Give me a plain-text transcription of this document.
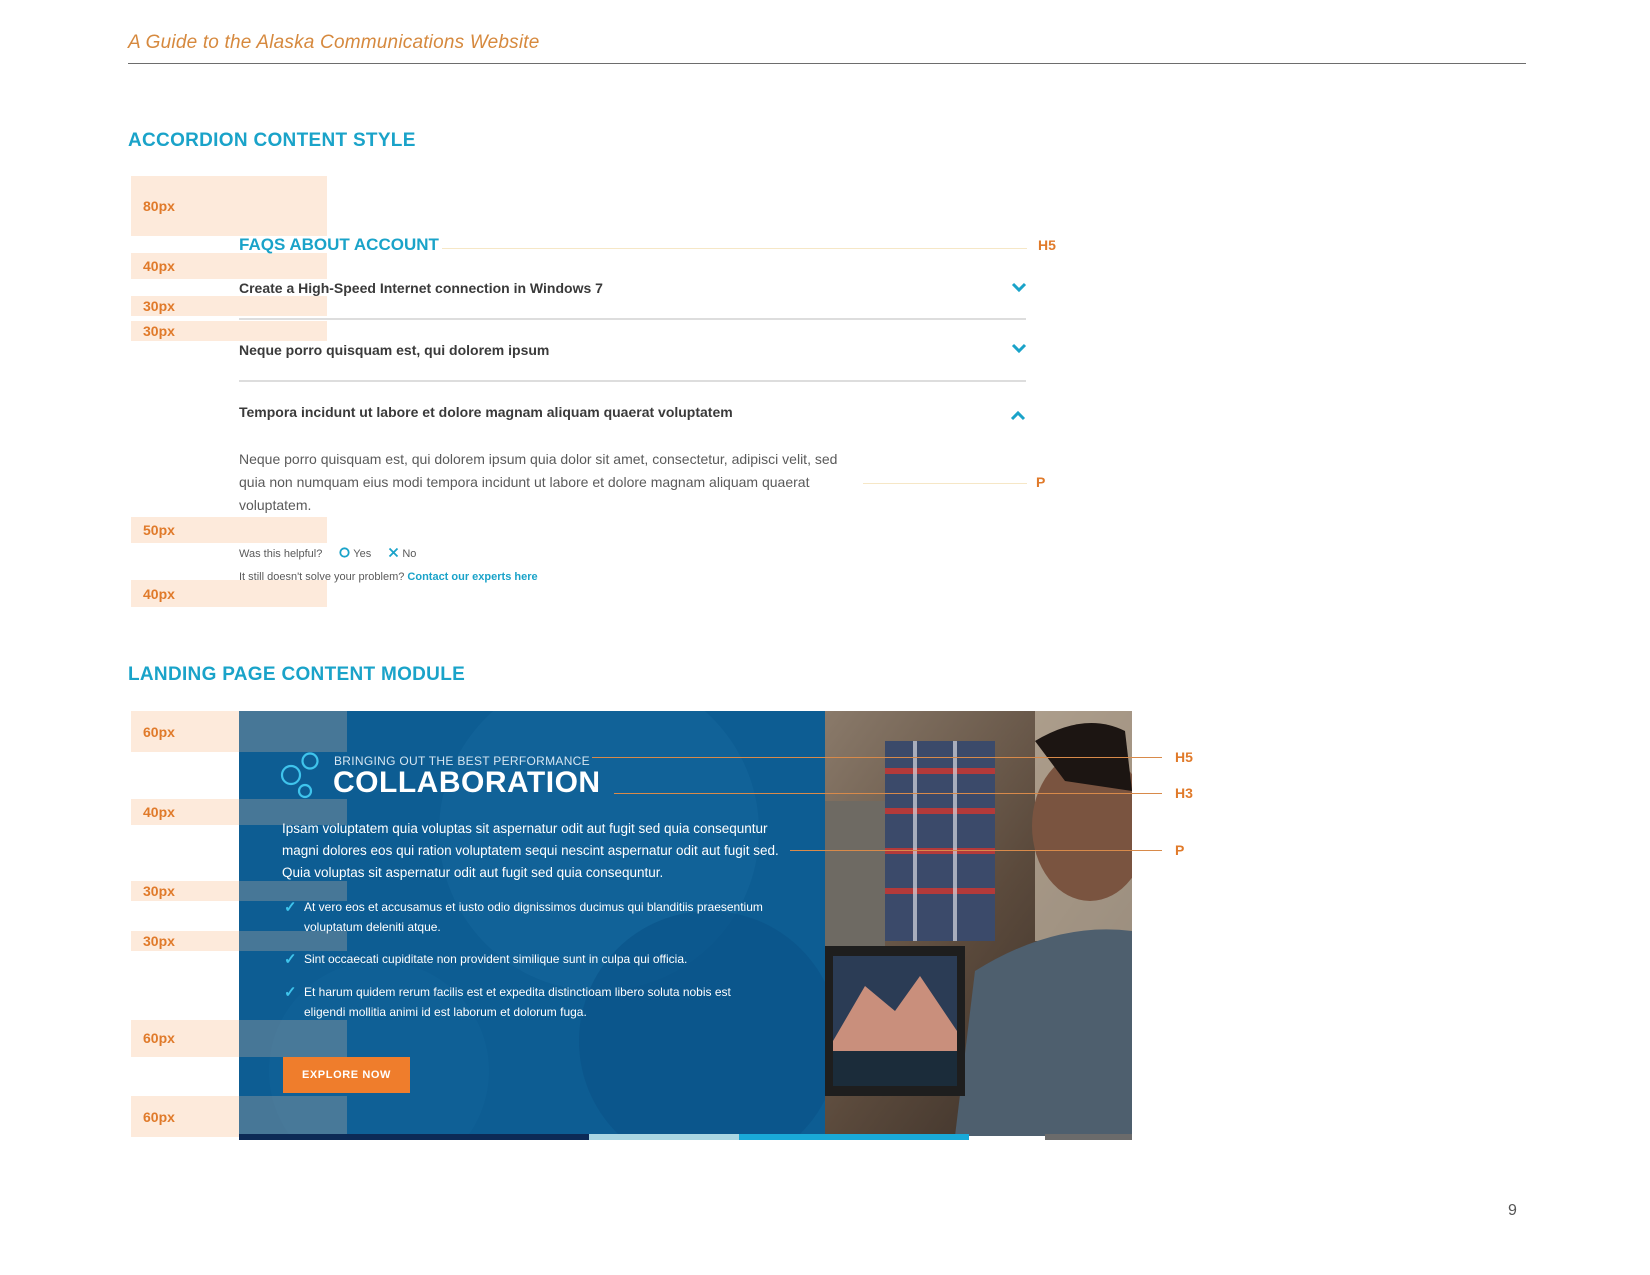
A Guide to the Alaska Communications Website
ACCORDION CONTENT STYLE
80px
40px
30px
30px
50px
40px
FAQS ABOUT ACCOUNT	H5
Create a High-Speed Internet connection in Windows 7
Neque porro quisquam est, qui dolorem ipsum
Tempora incidunt ut labore et dolore magnam aliquam quaerat voluptatem
Neque porro quisquam est, qui dolorem ipsum quia dolor sit amet, consectetur, adipisci velit, sed quia non numquam eius modi tempora incidunt ut labore et dolore magnam aliquam quaerat voluptatem.
P
Was this helpful?	Yes	No
It still doesn't solve your problem? Contact our experts here
LANDING PAGE CONTENT MODULE
60px
40px
30px
30px
60px
60px
BRINGING OUT THE BEST PERFORMANCE
COLLABORATION
Ipsam voluptatem quia voluptas sit aspernatur odit aut fugit sed quia consequntur magni dolores eos qui ration voluptatem sequi nescint aspernatur odit aut fugit sed. Quia voluptas sit aspernatur odit aut fugit sed quia consequntur.
✓ At vero eos et accusamus et iusto odio dignissimos ducimus qui blanditiis praesentium voluptatum deleniti atque.
✓ Sint occaecati cupiditate non provident similique sunt in culpa qui officia.
✓ Et harum quidem rerum facilis est et expedita distinctioam libero soluta nobis est eligendi mollitia animi id est laborum et dolorum fuga.
EXPLORE NOW
H5
H3
P
9
